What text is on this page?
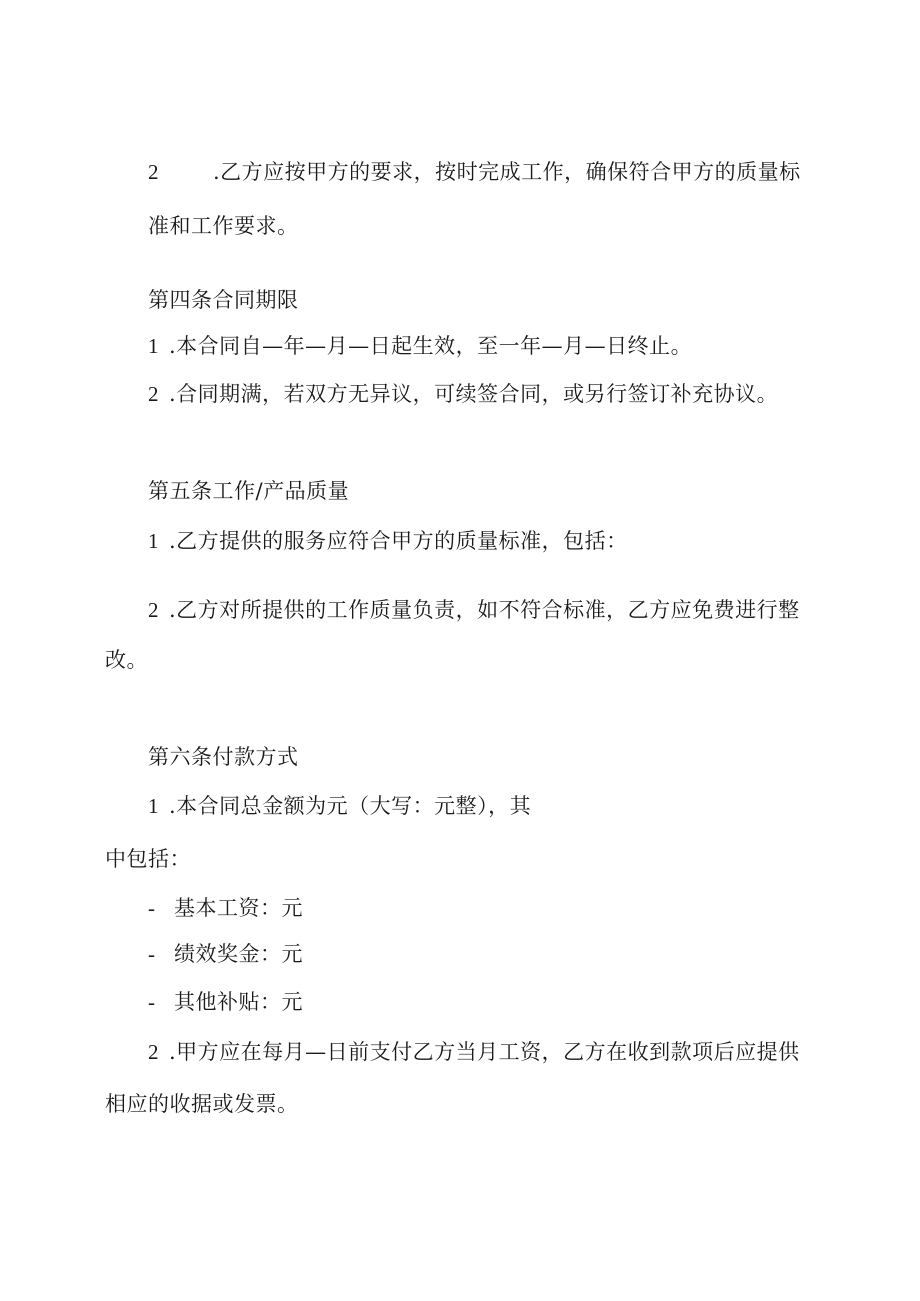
2	.乙方应按甲方的要求，按时完成工作，确保符合甲方的质量标
准和工作要求。
第四条合同期限
1 .本合同自—年—月—日起生效，至一年—月—日终止。
2 .合同期满，若双方无异议，可续签合同，或另行签订补充协议。
第五条工作/产品质量
1 .乙方提供的服务应符合甲方的质量标准，包括：
2 .乙方对所提供的工作质量负责，如不符合标准，乙方应免费进行整
改。
第六条付款方式
1 .本合同总金额为元（大写：元整），其
中包括：
- 基本工资：元
- 绩效奖金：元
- 其他补贴：元
2 .甲方应在每月—日前支付乙方当月工资，乙方在收到款项后应提供
相应的收据或发票。
